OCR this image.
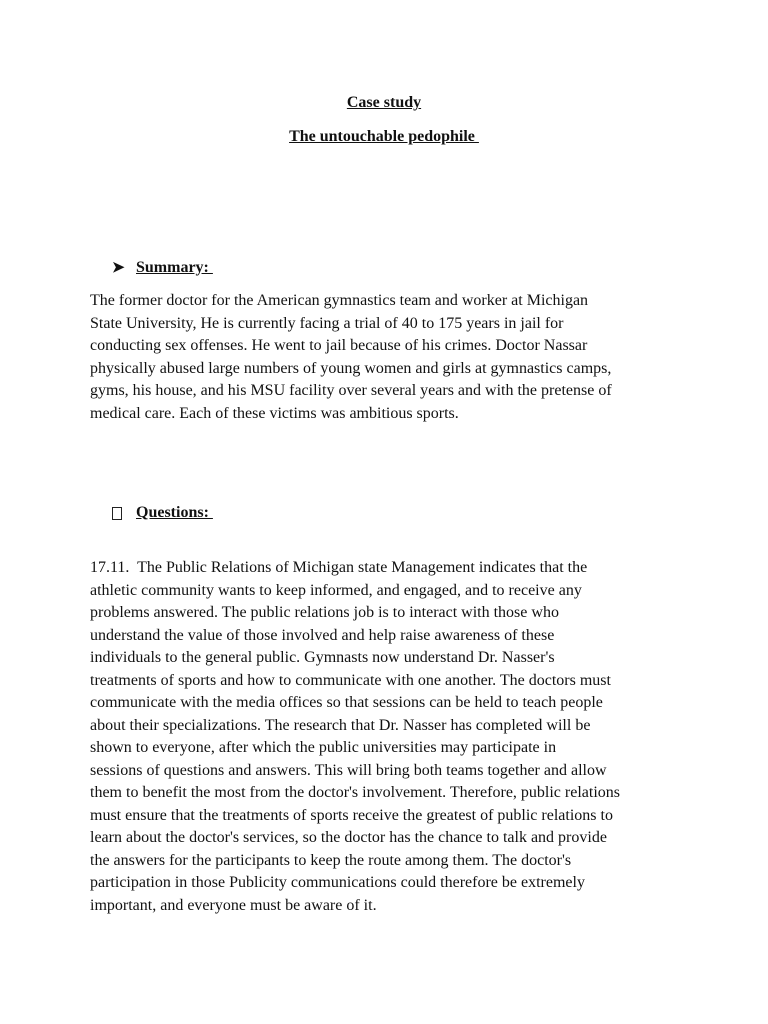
Case study
The untouchable pedophile
➤ Summary:

The former doctor for the American gymnastics team and worker at Michigan
State University, He is currently facing a trial of 40 to 175 years in jail for
conducting sex offenses. He went to jail because of his crimes. Doctor Nassar
physically abused large numbers of young women and girls at gymnastics camps,
gyms, his house, and his MSU facility over several years and with the pretense of
medical care. Each of these victims was ambitious sports.

Questions:

17.11.  The Public Relations of Michigan state Management indicates that the
athletic community wants to keep informed, and engaged, and to receive any
problems answered. The public relations job is to interact with those who
understand the value of those involved and help raise awareness of these
individuals to the general public. Gymnasts now understand Dr. Nasser's
treatments of sports and how to communicate with one another. The doctors must
communicate with the media offices so that sessions can be held to teach people
about their specializations. The research that Dr. Nasser has completed will be
shown to everyone, after which the public universities may participate in
sessions of questions and answers. This will bring both teams together and allow
them to benefit the most from the doctor's involvement. Therefore, public relations
must ensure that the treatments of sports receive the greatest of public relations to
learn about the doctor's services, so the doctor has the chance to talk and provide
the answers for the participants to keep the route among them. The doctor's
participation in those Publicity communications could therefore be extremely
important, and everyone must be aware of it.
